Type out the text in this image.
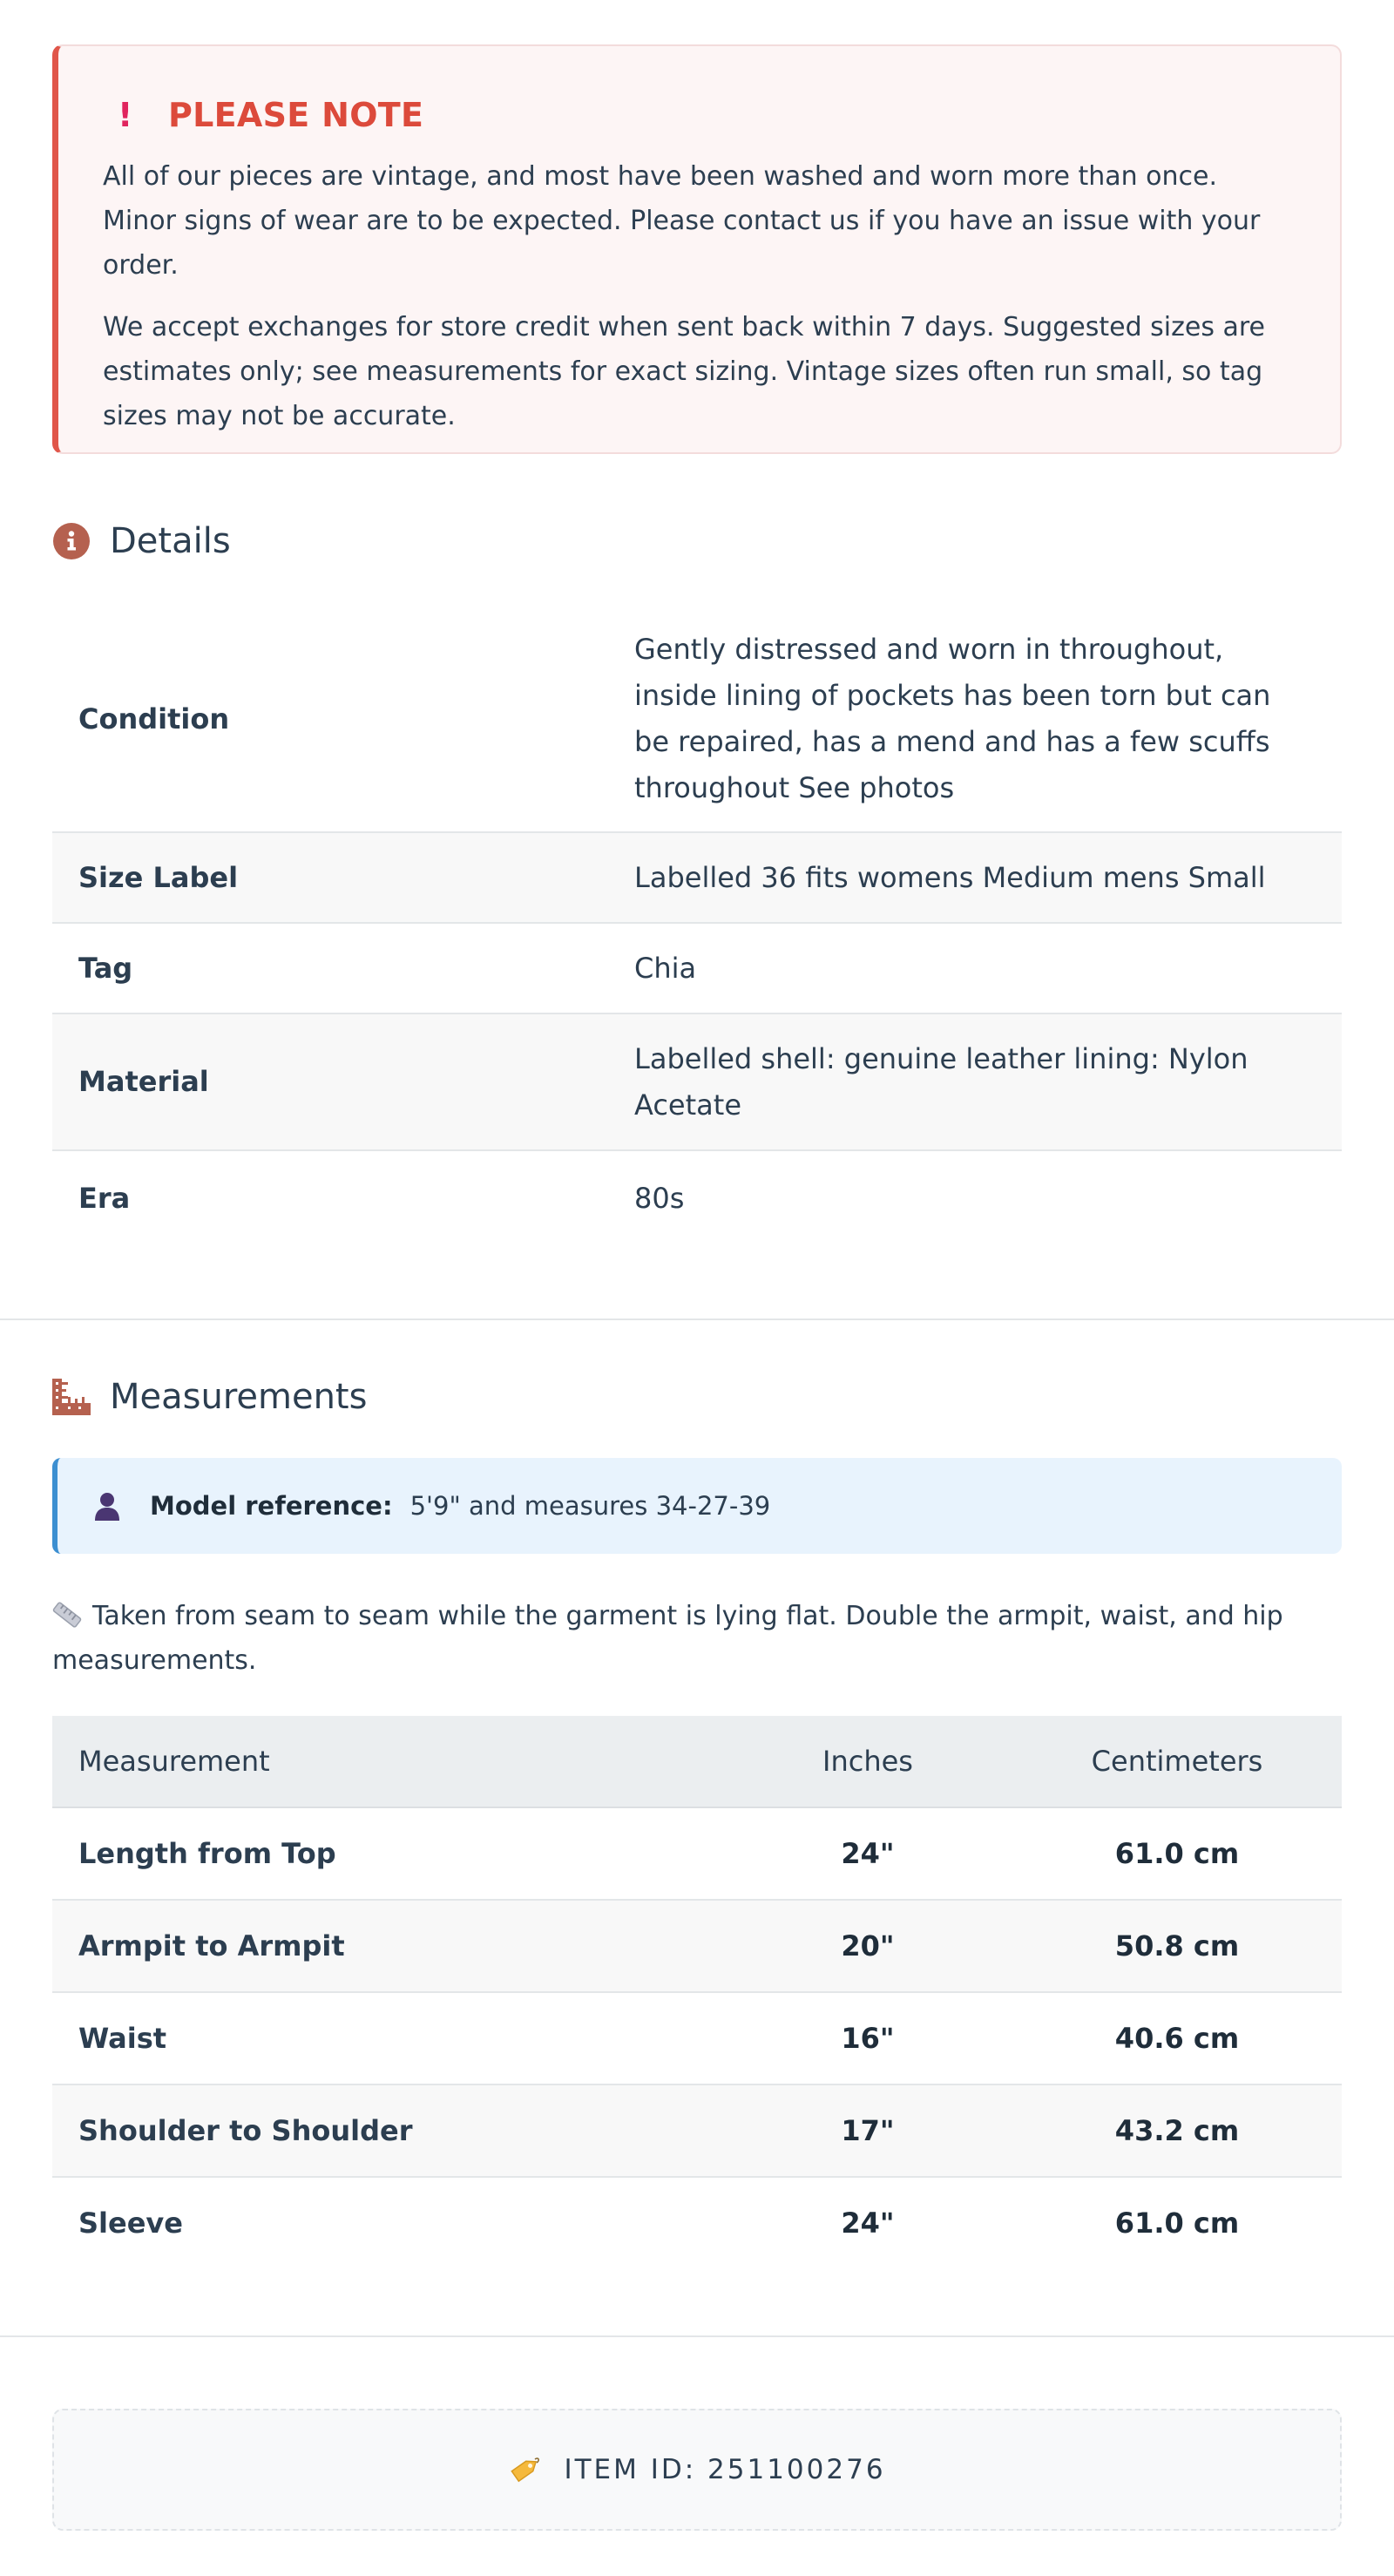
! PLEASE NOTE

All of our pieces are vintage, and most have been washed and worn more than once. Minor signs of wear are to be expected. Please contact us if you have an issue with your order.

We accept exchanges for store credit when sent back within 7 days. Suggested sizes are estimates only; see measurements for exact sizing. Vintage sizes often run small, so tag sizes may not be accurate.

Details
Condition	Gently distressed and worn in throughout, inside lining of pockets has been torn but can be repaired, has a mend and has a few scuffs throughout See photos
Size Label	Labelled 36 fits womens Medium mens Small
Tag	Chia
Material	Labelled shell: genuine leather lining: Nylon Acetate
Era	80s
Measurements
Model reference: 5'9" and measures 34-27-39
Taken from seam to seam while the garment is lying flat. Double the armpit, waist, and hip measurements.
Measurement	Inches	Centimeters
Length from Top	24"	61.0 cm
Armpit to Armpit	20"	50.8 cm
Waist	16"	40.6 cm
Shoulder to Shoulder	17"	43.2 cm
Sleeve	24"	61.0 cm
ITEM ID: 251100276
